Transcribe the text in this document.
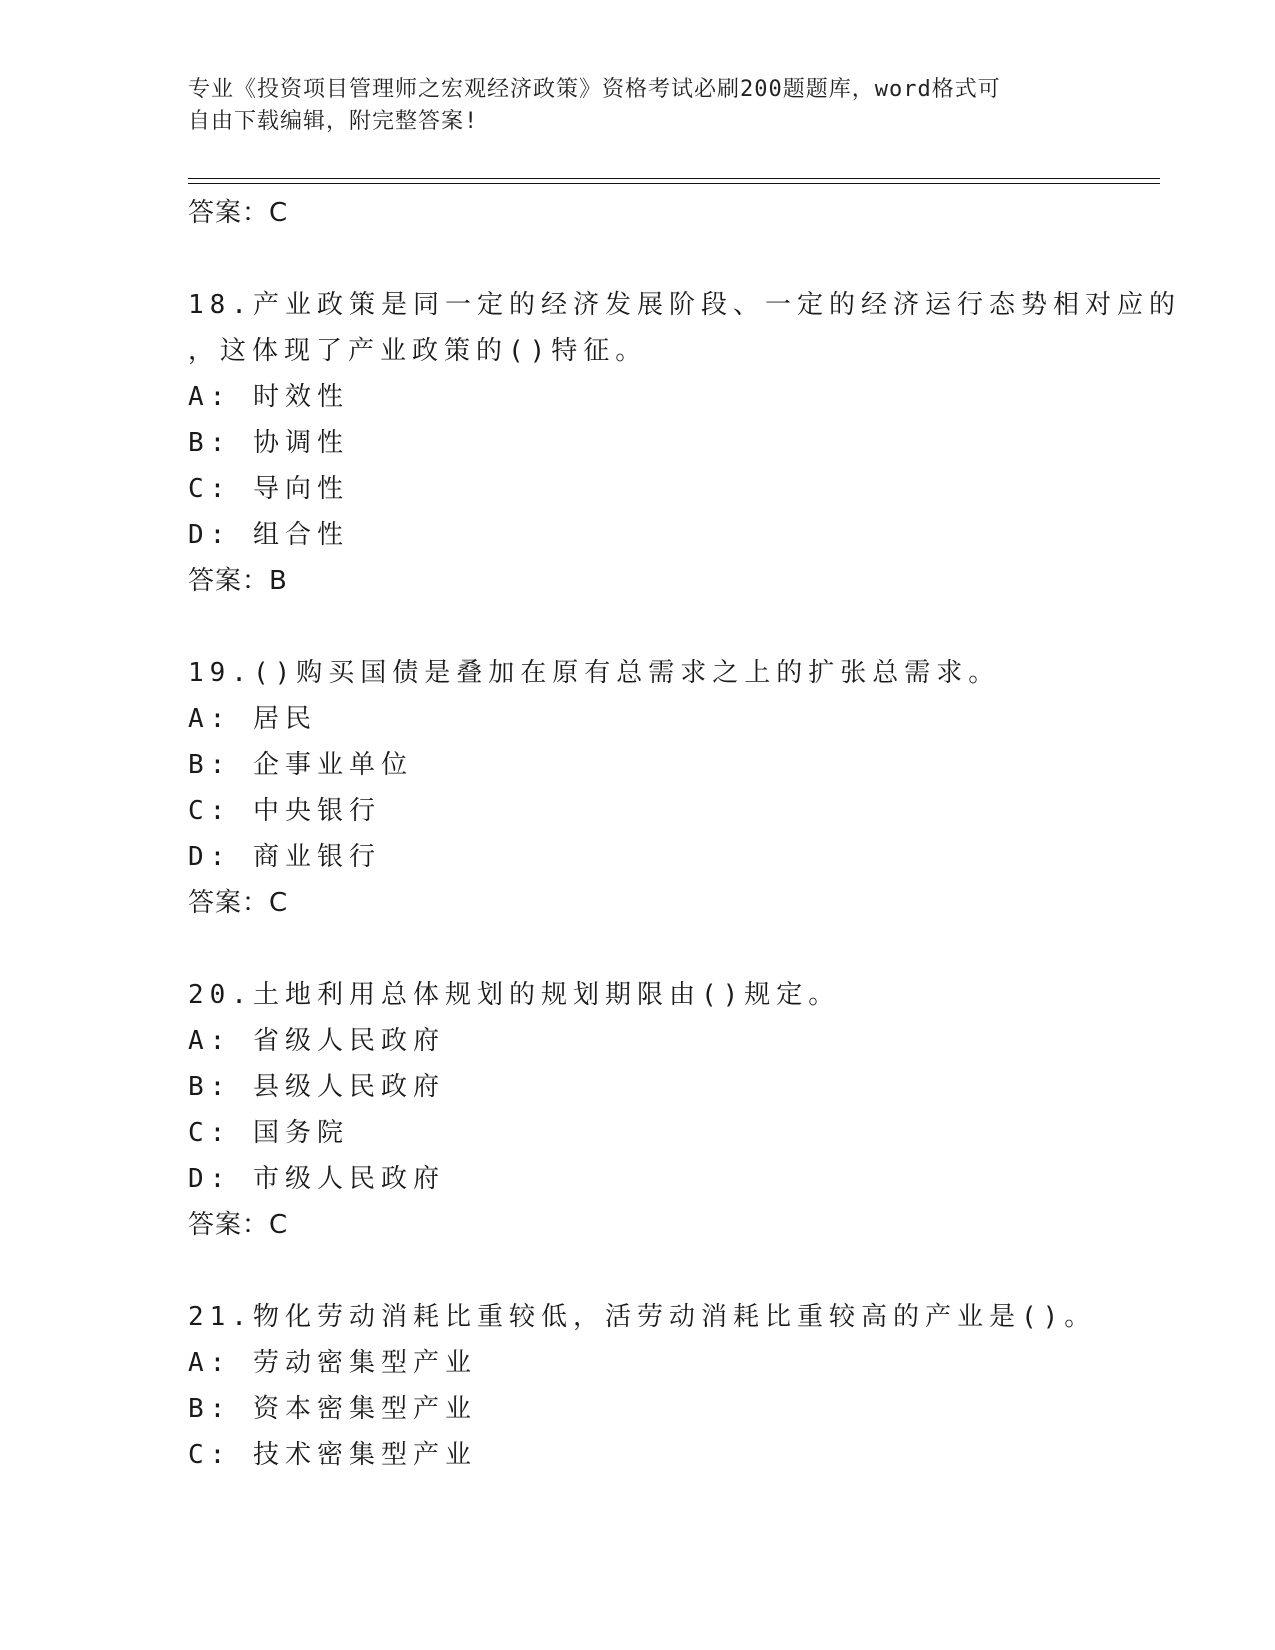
专业《投资项目管理师之宏观经济政策》资格考试必刷200题题库，word格式可
自由下载编辑，附完整答案!
答案：C
18.产业政策是同一定的经济发展阶段、一定的经济运行态势相对应的
，这体现了产业政策的()特征。
A: 时效性
B: 协调性
C: 导向性
D: 组合性
答案：B
19.()购买国债是叠加在原有总需求之上的扩张总需求。
A: 居民
B: 企事业单位
C: 中央银行
D: 商业银行
答案：C
20.土地利用总体规划的规划期限由()规定。
A: 省级人民政府
B: 县级人民政府
C: 国务院
D: 市级人民政府
答案：C
21.物化劳动消耗比重较低，活劳动消耗比重较高的产业是()。
A: 劳动密集型产业
B: 资本密集型产业
C: 技术密集型产业
